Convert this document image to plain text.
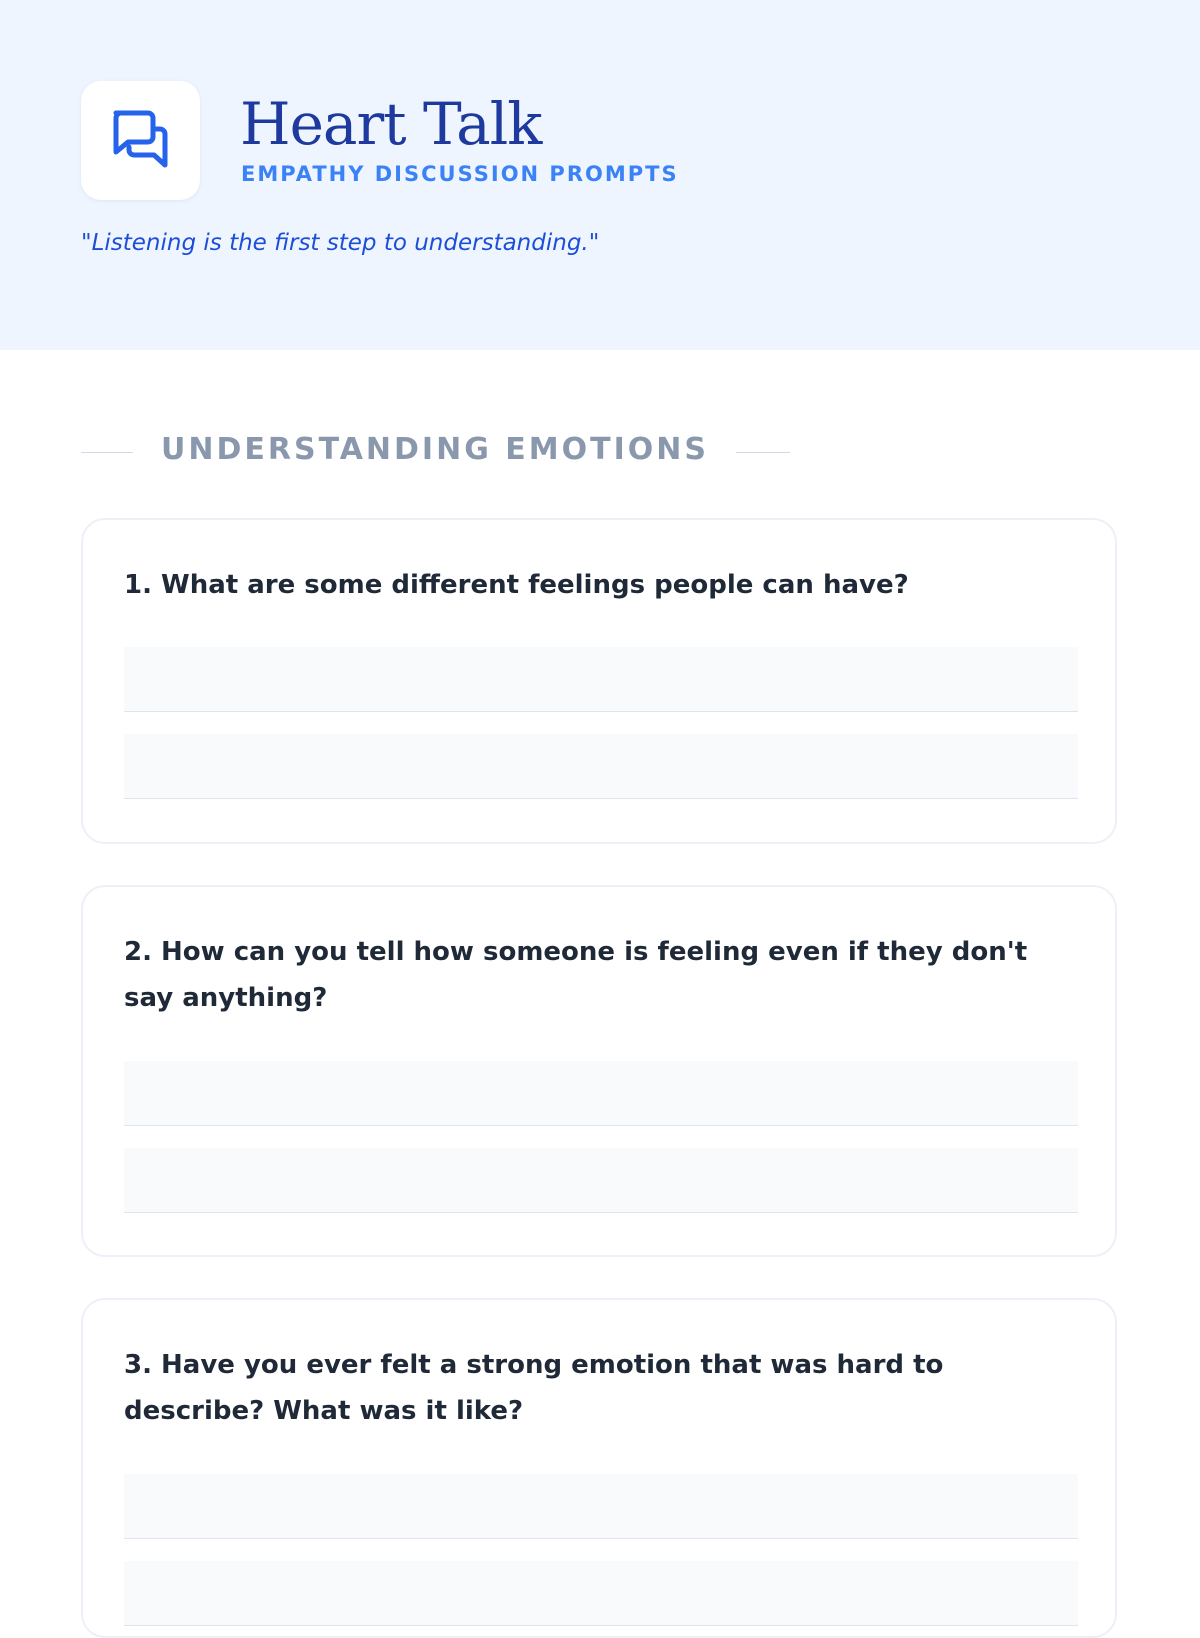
Heart Talk
EMPATHY DISCUSSION PROMPTS
"Listening is the first step to understanding."
UNDERSTANDING EMOTIONS

1. What are some different feelings people can have?

2. How can you tell how someone is feeling even if they don't say anything?

3. Have you ever felt a strong emotion that was hard to describe? What was it like?
